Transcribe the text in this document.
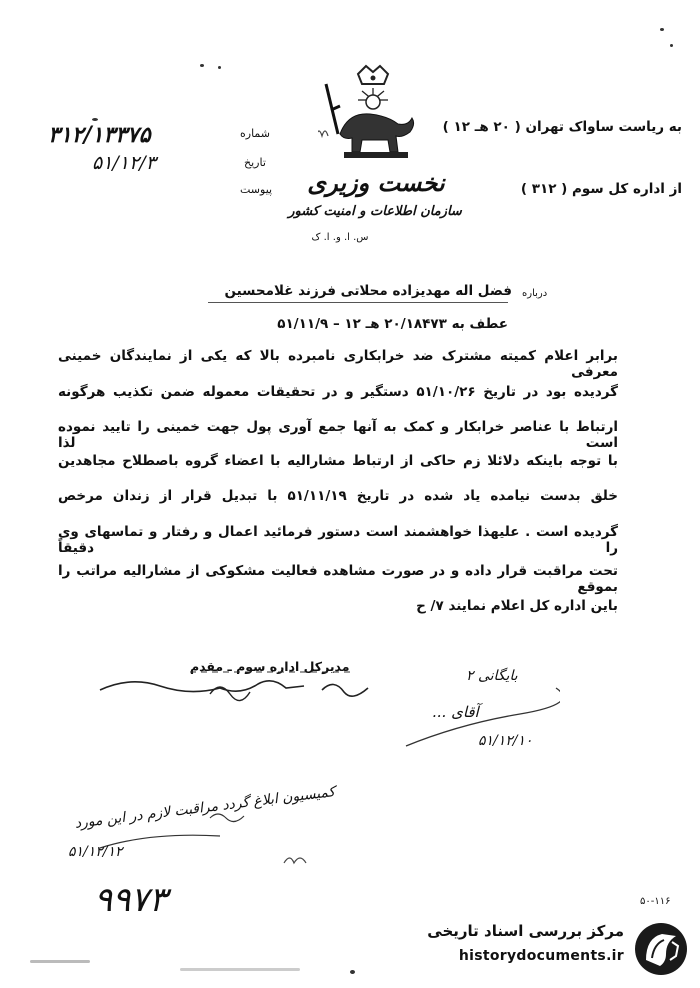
۳۱۲/۱۳۳۷۵	شماره
۵۱/۱۲/۳	تاریخ
پیوست نخست وزیری
سازمان اطلاعات و امنیت کشور
س. ا. و. ا. ک
به ریاست ساواک تهران ( ۲۰ هـ ۱۲ )
از اداره کل سوم ( ۳۱۲ )
درباره
فضل اله مهدیزاده محلاتی فرزند غلامحسین
عطف به ۲۰/۱۸۴۷۳ هـ ۱۲ – ۵۱/۱۱/۹
برابر اعلام کمیته مشترک ضد خرابکاری نامبرده بالا که یکی از نمایندگان خمینی معرفی
گردیده بود در تاریخ ۵۱/۱۰/۲۶ دستگیر و در تحقیقات معموله ضمن تکذیب هرگونه
ارتباط با عناصر خرابکار و کمک به آنها جمع آوری پول جهت خمینی را تایید نموده است لذا
با توجه باینکه دلائلا زم حاکی از ارتباط مشارالیه با اعضاء گروه باصطلاح مجاهدین
خلق بدست نیامده یاد شده در تاریخ ۵۱/۱۱/۱۹ با تبدیل قرار از زندان مرخص
گردیده است . علیهذا خواهشمند است دستور فرمائید اعمال و رفتار و تماسهای وی را دقیقاً
تحت مراقبت قرار داده و در صورت مشاهده فعالیت مشکوکی از مشارالیه مراتب را بموقع
باین اداره کل اعلام نمایند ۷/ ح
مدیرکل اداره سوم ـ مقدم
بایگانی ۲
آقای ...
۵۱/۱۲/۱۰
کمیسیون ابلاغ گردد مراقبت لازم در این مورد
۵۱/۱۲/۱۲
۹۹۷۳	۵۰-۱۱۶
مرکز بررسی اسناد تاریخی
historydocuments.ir
